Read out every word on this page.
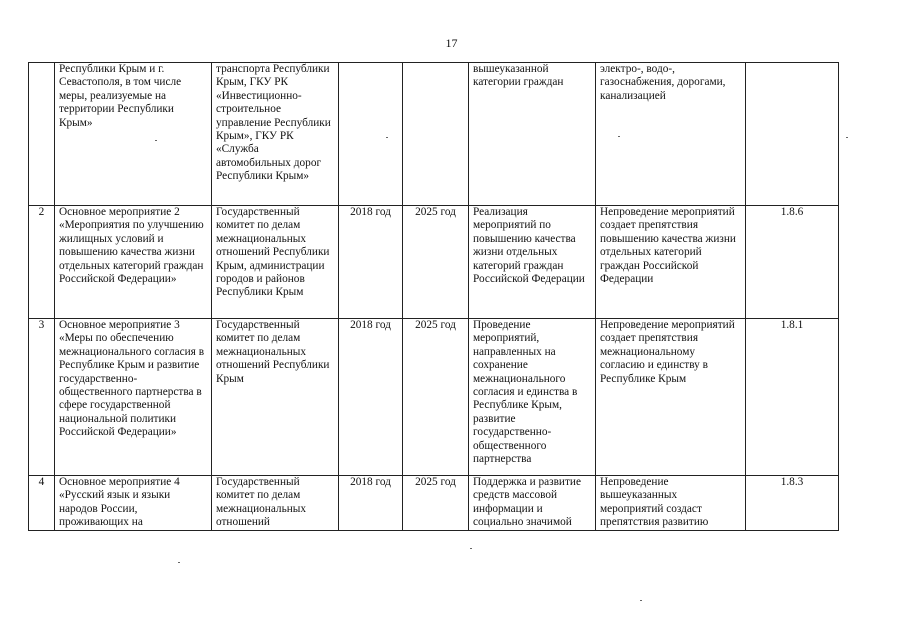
17
	Республики Крым и г. Севастополя, в том числе меры, реализуемые на территории Республики Крым»	транспорта Республики Крым, ГКУ РК «Инвестиционно-строительное управление Республики Крым», ГКУ РК «Служба автомобильных дорог Республики Крым»			вышеуказанной категории граждан	электро-, водо-, газоснабжения, дорогами, канализацией	
2	Основное мероприятие 2 «Мероприятия по улучшению жилищных условий и повышению качества жизни отдельных категорий граждан Российской Федерации»	Государственный комитет по делам межнациональных отношений Республики Крым, администрации городов и районов Республики Крым	2018 год	2025 год	Реализация мероприятий по повышению качества жизни отдельных категорий граждан Российской Федерации	Непроведение мероприятий создает препятствия повышению качества жизни отдельных категорий граждан Российской Федерации	1.8.6
3	Основное мероприятие 3 «Меры по обеспечению межнационального согласия в Республике Крым и развитие государственно-общественного партнерства в сфере государственной национальной политики Российской Федерации»	Государственный комитет по делам межнациональных отношений Республики Крым	2018 год	2025 год	Проведение мероприятий, направленных на сохранение межнационального согласия и единства в Республике Крым, развитие государственно-общественного партнерства	Непроведение мероприятий создает препятствия межнациональному согласию и единству в Республике Крым	1.8.1
4	Основное мероприятие 4 «Русский язык и языки народов России, проживающих на	Государственный комитет по делам межнациональных отношений	2018 год	2025 год	Поддержка и развитие средств массовой информации и социально значимой	Непроведение вышеуказанных мероприятий создаст препятствия развитию	1.8.3
